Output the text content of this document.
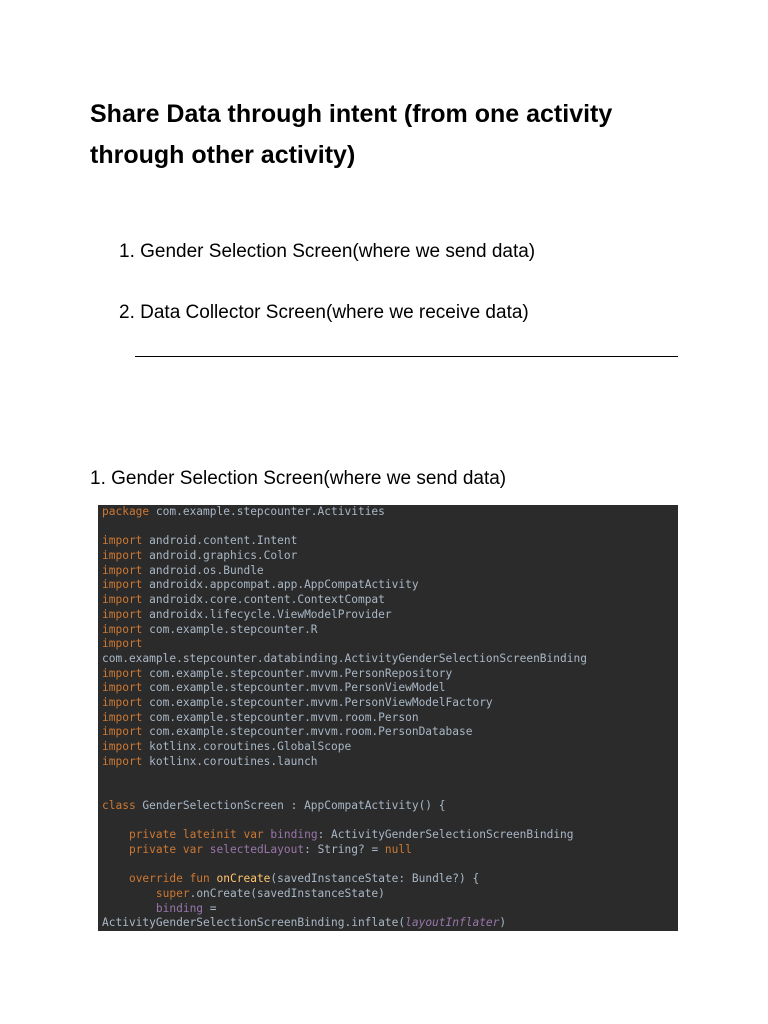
Share Data through intent (from one activity through other activity)

1. Gender Selection Screen(where we send data)

2. Data Collector Screen(where we receive data)

1. Gender Selection Screen(where we send data)

package com.example.stepcounter.Activities
import android.content.Intent
import android.graphics.Color
import android.os.Bundle
import androidx.appcompat.app.AppCompatActivity
import androidx.core.content.ContextCompat
import androidx.lifecycle.ViewModelProvider
import com.example.stepcounter.R
import
com.example.stepcounter.databinding.ActivityGenderSelectionScreenBinding
import com.example.stepcounter.mvvm.PersonRepository
import com.example.stepcounter.mvvm.PersonViewModel
import com.example.stepcounter.mvvm.PersonViewModelFactory
import com.example.stepcounter.mvvm.room.Person
import com.example.stepcounter.mvvm.room.PersonDatabase
import kotlinx.coroutines.GlobalScope
import kotlinx.coroutines.launch
class GenderSelectionScreen : AppCompatActivity() {
private lateinit var binding: ActivityGenderSelectionScreenBinding
private var selectedLayout: String? = null
override fun onCreate(savedInstanceState: Bundle?) {
super.onCreate(savedInstanceState)
binding =
ActivityGenderSelectionScreenBinding.inflate(layoutInflater)
